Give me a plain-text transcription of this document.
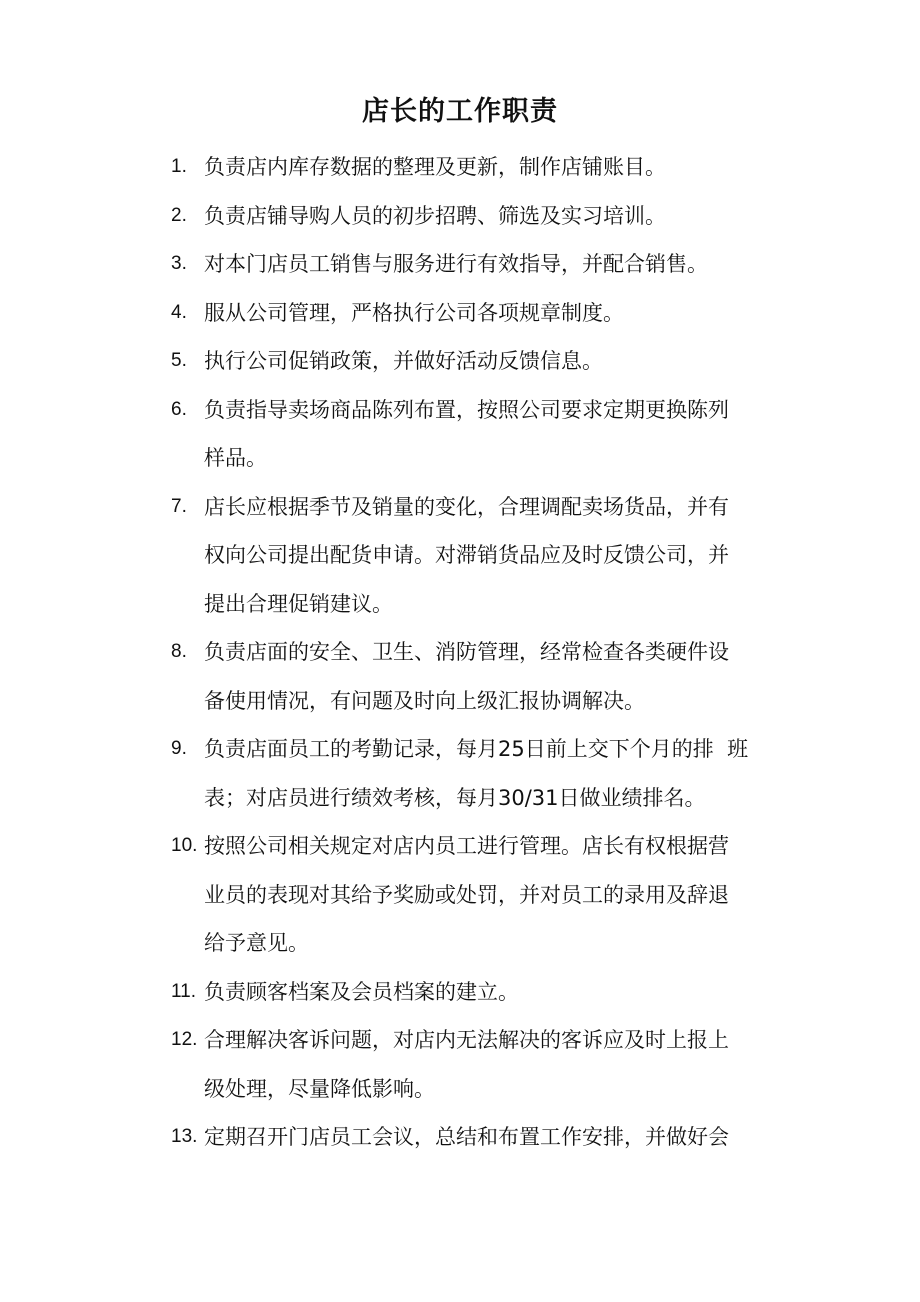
店长的工作职责
1. 负责店内库存数据的整理及更新，制作店铺账目。
2. 负责店铺导购人员的初步招聘、筛选及实习培训。
3. 对本门店员工销售与服务进行有效指导，并配合销售。
4. 服从公司管理，严格执行公司各项规章制度。
5. 执行公司促销政策，并做好活动反馈信息。
6. 负责指导卖场商品陈列布置，按照公司要求定期更换陈列
样品。
7. 店长应根据季节及销量的变化，合理调配卖场货品，并有
权向公司提出配货申请。对滞销货品应及时反馈公司，并
提出合理促销建议。
8. 负责店面的安全、卫生、消防管理，经常检查各类硬件设
备使用情况，有问题及时向上级汇报协调解决。
9. 负责店面员工的考勤记录，每月25日前上交下个月的排  班
表；对店员进行绩效考核，每月30/31日做业绩排名。
10. 按照公司相关规定对店内员工进行管理。店长有权根据营
业员的表现对其给予奖励或处罚，并对员工的录用及辞退
给予意见。
11. 负责顾客档案及会员档案的建立。
12. 合理解决客诉问题，对店内无法解决的客诉应及时上报上
级处理，尽量降低影响。
13. 定期召开门店员工会议，总结和布置工作安排，并做好会
